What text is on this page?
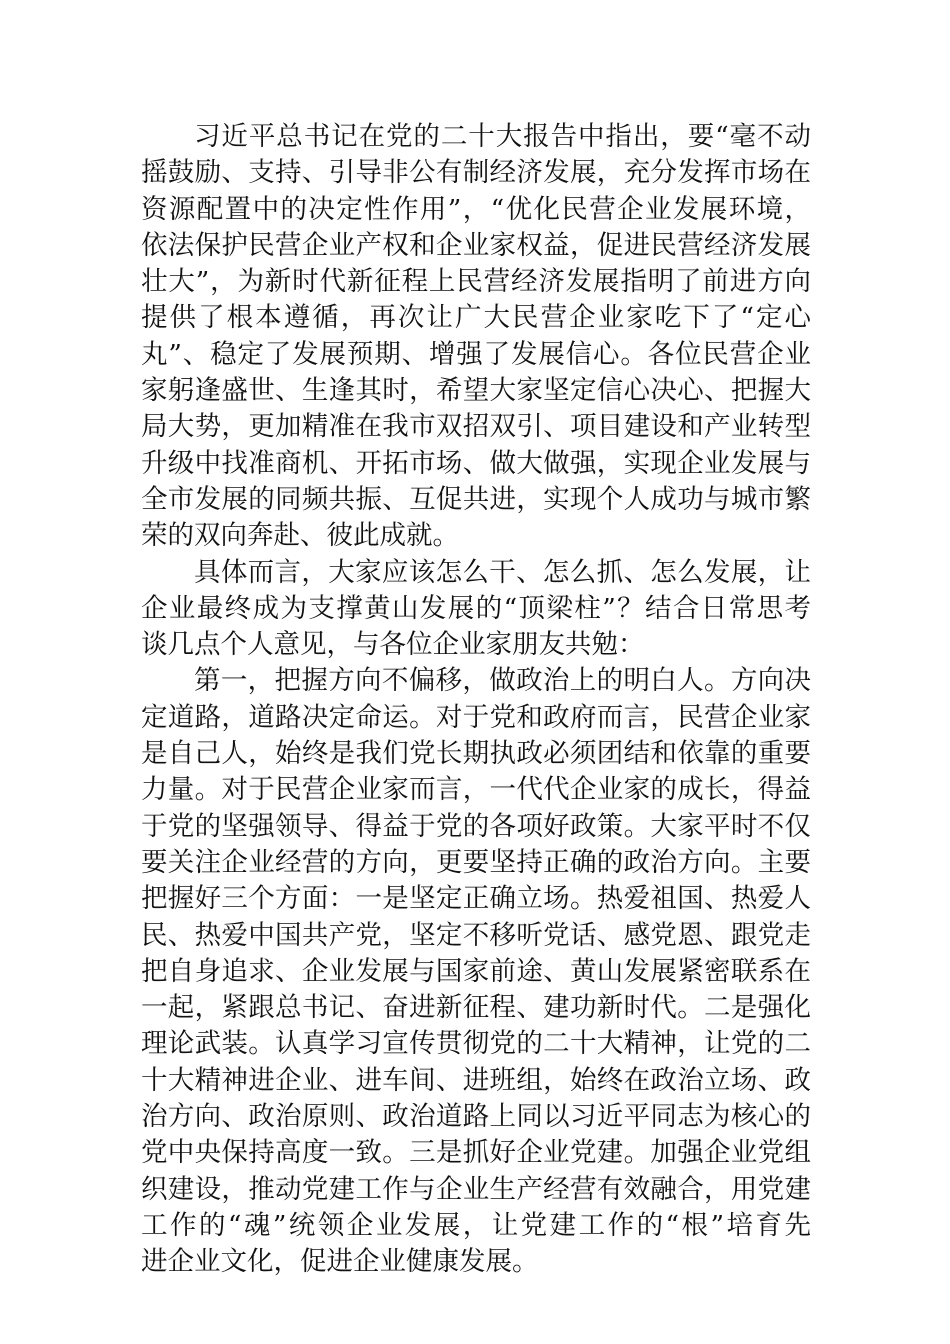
习近平总书记在党的二十大报告中指出，要“毫不动
摇鼓励、支持、引导非公有制经济发展，充分发挥市场在
资源配置中的决定性作用”，“优化民营企业发展环境，
依法保护民营企业产权和企业家权益，促进民营经济发展
壮大”，为新时代新征程上民营经济发展指明了前进方向
提供了根本遵循，再次让广大民营企业家吃下了“定心
丸”、稳定了发展预期、增强了发展信心。各位民营企业
家躬逢盛世、生逢其时，希望大家坚定信心决心、把握大
局大势，更加精准在我市双招双引、项目建设和产业转型
升级中找准商机、开拓市场、做大做强，实现企业发展与
全市发展的同频共振、互促共进，实现个人成功与城市繁
荣的双向奔赴、彼此成就。
具体而言，大家应该怎么干、怎么抓、怎么发展，让
企业最终成为支撑黄山发展的“顶梁柱”？结合日常思考
谈几点个人意见，与各位企业家朋友共勉：
第一，把握方向不偏移，做政治上的明白人。方向决
定道路，道路决定命运。对于党和政府而言，民营企业家
是自己人，始终是我们党长期执政必须团结和依靠的重要
力量。对于民营企业家而言，一代代企业家的成长，得益
于党的坚强领导、得益于党的各项好政策。大家平时不仅
要关注企业经营的方向，更要坚持正确的政治方向。主要
把握好三个方面：一是坚定正确立场。热爱祖国、热爱人
民、热爱中国共产党，坚定不移听党话、感党恩、跟党走
把自身追求、企业发展与国家前途、黄山发展紧密联系在
一起，紧跟总书记、奋进新征程、建功新时代。二是强化
理论武装。认真学习宣传贯彻党的二十大精神，让党的二
十大精神进企业、进车间、进班组，始终在政治立场、政
治方向、政治原则、政治道路上同以习近平同志为核心的
党中央保持高度一致。三是抓好企业党建。加强企业党组
织建设，推动党建工作与企业生产经营有效融合，用党建
工作的“魂”统领企业发展，让党建工作的“根”培育先
进企业文化，促进企业健康发展。
